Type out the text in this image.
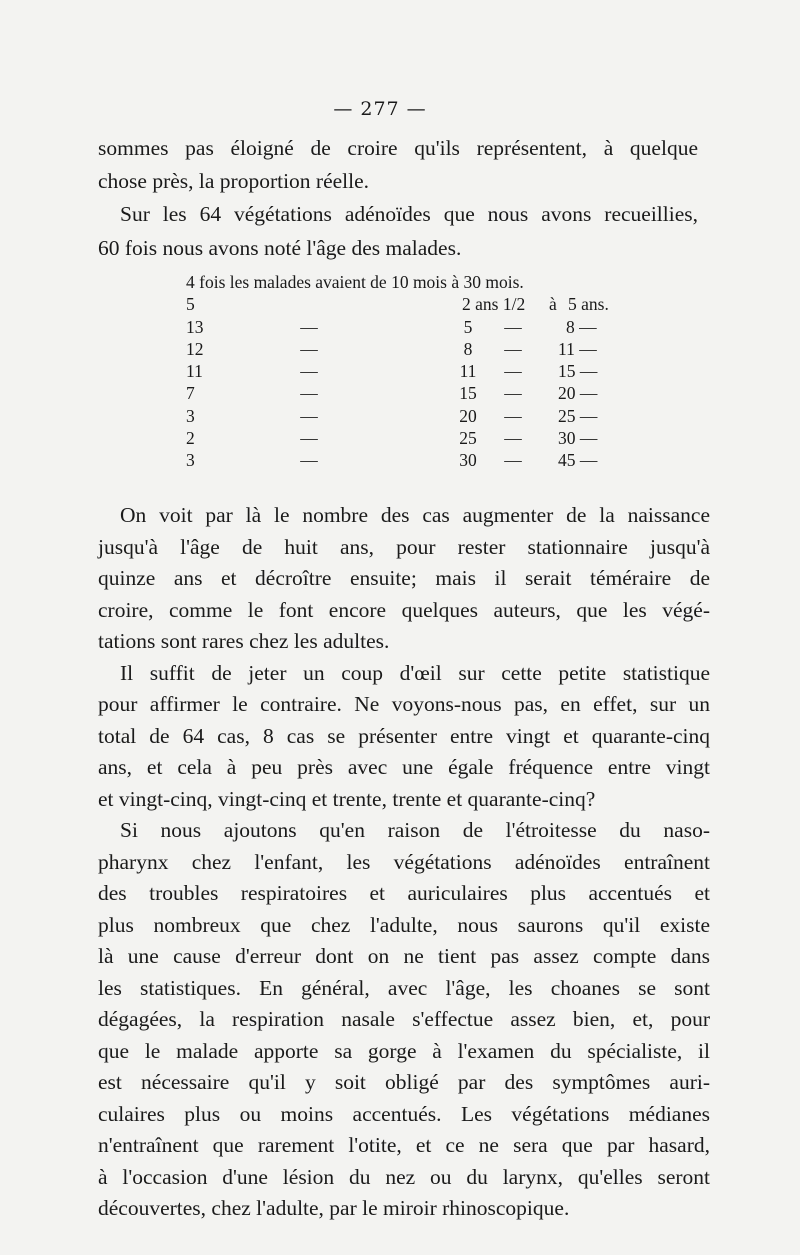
— 277 —

sommes pas éloigné de croire qu'ils représentent, à quelque

chose près, la proportion réelle.

Sur les 64 végétations adénoïdes que nous avons recueillies,

60 fois nous avons noté l'âge des malades.

4 fois les malades avaient de 10 mois à 30 mois.
5	2 ans 1/2 à 5 ans.
13	—	5	—	8 —
12	—	8	—	11 —
11	—	11	—	15 —
7	—	15	—	20 —
3	—	20	—	25 —
2	—	25	—	30 —
3	—	30	—	45 —

On voit par là le nombre des cas augmenter de la naissance

jusqu'à l'âge de huit ans, pour rester stationnaire jusqu'à

quinze ans et décroître ensuite; mais il serait téméraire de

croire, comme le font encore quelques auteurs, que les végé-

tations sont rares chez les adultes.

Il suffit de jeter un coup d'œil sur cette petite statistique

pour affirmer le contraire. Ne voyons-nous pas, en effet, sur un

total de 64 cas, 8 cas se présenter entre vingt et quarante-cinq

ans, et cela à peu près avec une égale fréquence entre vingt

et vingt-cinq, vingt-cinq et trente, trente et quarante-cinq?

Si nous ajoutons qu'en raison de l'étroitesse du naso-

pharynx chez l'enfant, les végétations adénoïdes entraînent

des troubles respiratoires et auriculaires plus accentués et

plus nombreux que chez l'adulte, nous saurons qu'il existe

là une cause d'erreur dont on ne tient pas assez compte dans

les statistiques. En général, avec l'âge, les choanes se sont

dégagées, la respiration nasale s'effectue assez bien, et, pour

que le malade apporte sa gorge à l'examen du spécialiste, il

est nécessaire qu'il y soit obligé par des symptômes auri-

culaires plus ou moins accentués. Les végétations médianes

n'entraînent que rarement l'otite, et ce ne sera que par hasard,

à l'occasion d'une lésion du nez ou du larynx, qu'elles seront

découvertes, chez l'adulte, par le miroir rhinoscopique.
